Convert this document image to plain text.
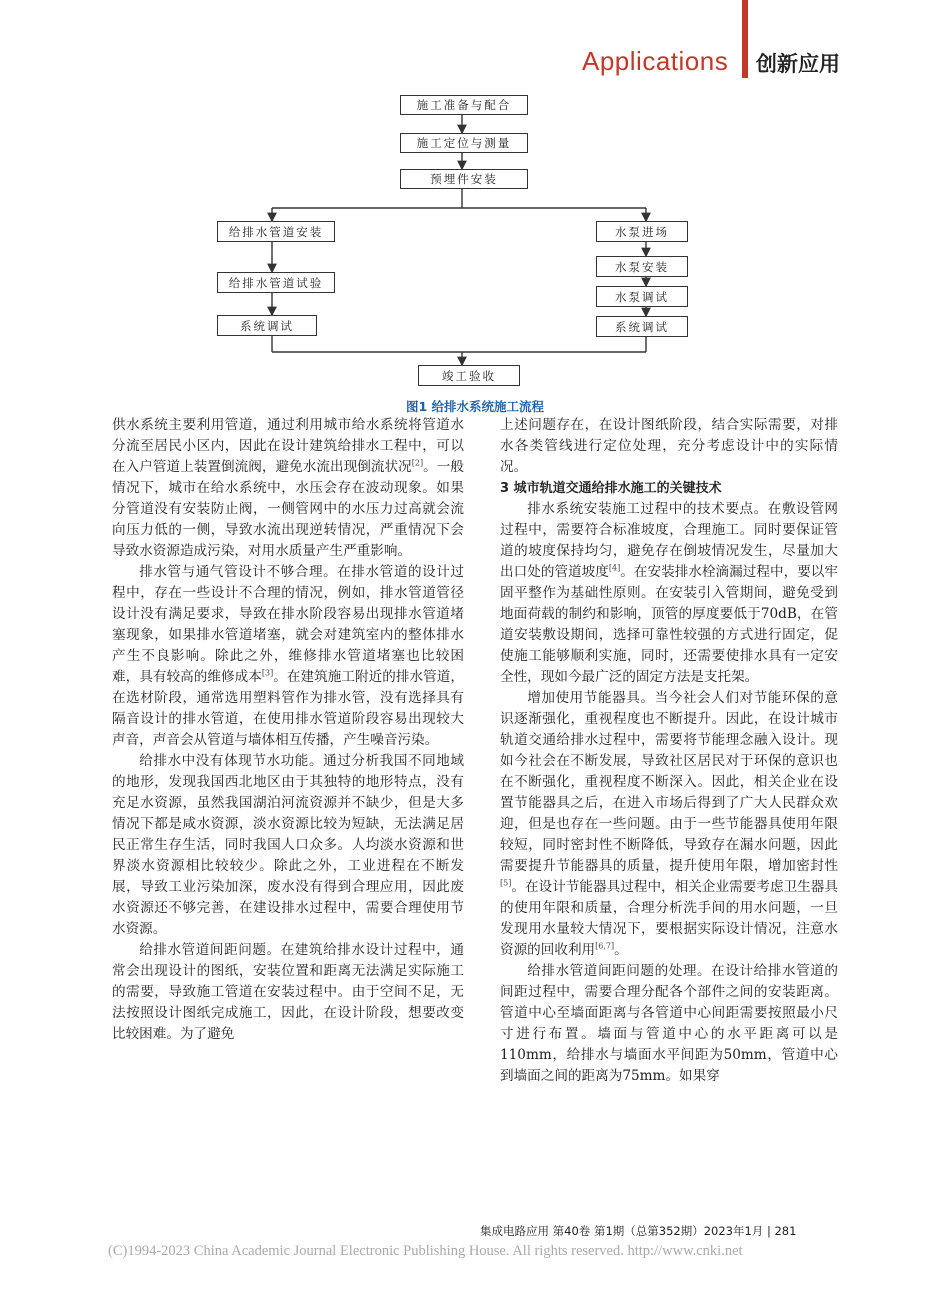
Applications 创新应用
施工准备与配合
施工定位与测量
预埋件安装
给排水管道安装
给排水管道试验
系统调试
水泵进场
水泵安装
水泵调试
系统调试
竣工验收
图1 给排水系统施工流程

供水系统主要利用管道，通过利用城市给水系统将管道水分流至居民小区内，因此在设计建筑给排水工程中，可以在入户管道上装置倒流阀，避免水流出现倒流状况[2]。一般情况下，城市在给水系统中，水压会存在波动现象。如果分管道没有安装防止阀，一侧管网中的水压力过高就会流向压力低的一侧，导致水流出现逆转情况，严重情况下会导致水资源造成污染，对用水质量产生严重影响。

排水管与通气管设计不够合理。在排水管道的设计过程中，存在一些设计不合理的情况，例如，排水管道管径设计没有满足要求，导致在排水阶段容易出现排水管道堵塞现象，如果排水管道堵塞，就会对建筑室内的整体排水产生不良影响。除此之外，维修排水管道堵塞也比较困难，具有较高的维修成本[3]。在建筑施工附近的排水管道，在选材阶段，通常选用塑料管作为排水管，没有选择具有隔音设计的排水管道，在使用排水管道阶段容易出现较大声音，声音会从管道与墙体相互传播，产生噪音污染。

给排水中没有体现节水功能。通过分析我国不同地域的地形，发现我国西北地区由于其独特的地形特点，没有充足水资源，虽然我国湖泊河流资源并不缺少，但是大多情况下都是咸水资源，淡水资源比较为短缺，无法满足居民正常生存生活，同时我国人口众多。人均淡水资源和世界淡水资源相比较较少。除此之外，工业进程在不断发展，导致工业污染加深，废水没有得到合理应用，因此废水资源还不够完善，在建设排水过程中，需要合理使用节水资源。

给排水管道间距问题。在建筑给排水设计过程中，通常会出现设计的图纸，安装位置和距离无法满足实际施工的需要，导致施工管道在安装过程中。由于空间不足，无法按照设计图纸完成施工，因此，在设计阶段，想要改变比较困难。为了避免

上述问题存在，在设计图纸阶段，结合实际需要，对排水各类管线进行定位处理，充分考虑设计中的实际情况。

3 城市轨道交通给排水施工的关键技术

排水系统安装施工过程中的技术要点。在敷设管网过程中，需要符合标准坡度，合理施工。同时要保证管道的坡度保持均匀，避免存在倒坡情况发生，尽量加大出口处的管道坡度[4]。在安装排水栓滴漏过程中，要以牢固平整作为基础性原则。在安装引入管期间，避免受到地面荷载的制约和影响，顶管的厚度要低于70dB，在管道安装敷设期间，选择可靠性较强的方式进行固定，促使施工能够顺利实施，同时，还需要使排水具有一定安全性，现如今最广泛的固定方法是支托架。

增加使用节能器具。当今社会人们对节能环保的意识逐渐强化，重视程度也不断提升。因此，在设计城市轨道交通给排水过程中，需要将节能理念融入设计。现如今社会在不断发展，导致社区居民对于环保的意识也在不断强化，重视程度不断深入。因此，相关企业在设置节能器具之后，在进入市场后得到了广大人民群众欢迎，但是也存在一些问题。由于一些节能器具使用年限较短，同时密封性不断降低，导致存在漏水问题，因此需要提升节能器具的质量，提升使用年限，增加密封性[5]。在设计节能器具过程中，相关企业需要考虑卫生器具的使用年限和质量，合理分析洗手间的用水问题，一旦发现用水量较大情况下，要根据实际设计情况，注意水资源的回收利用[6,7]。

给排水管道间距问题的处理。在设计给排水管道的间距过程中，需要合理分配各个部件之间的安装距离。管道中心至墙面距离与各管道中心间距需要按照最小尺寸进行布置。墙面与管道中心的水平距离可以是110mm，给排水与墙面水平间距为50mm，管道中心到墙面之间的距离为75mm。如果穿

集成电路应用 第40卷 第1期（总第352期）2023年1月 | 281
(C)1994-2023 China Academic Journal Electronic Publishing House. All rights reserved. http://www.cnki.net
